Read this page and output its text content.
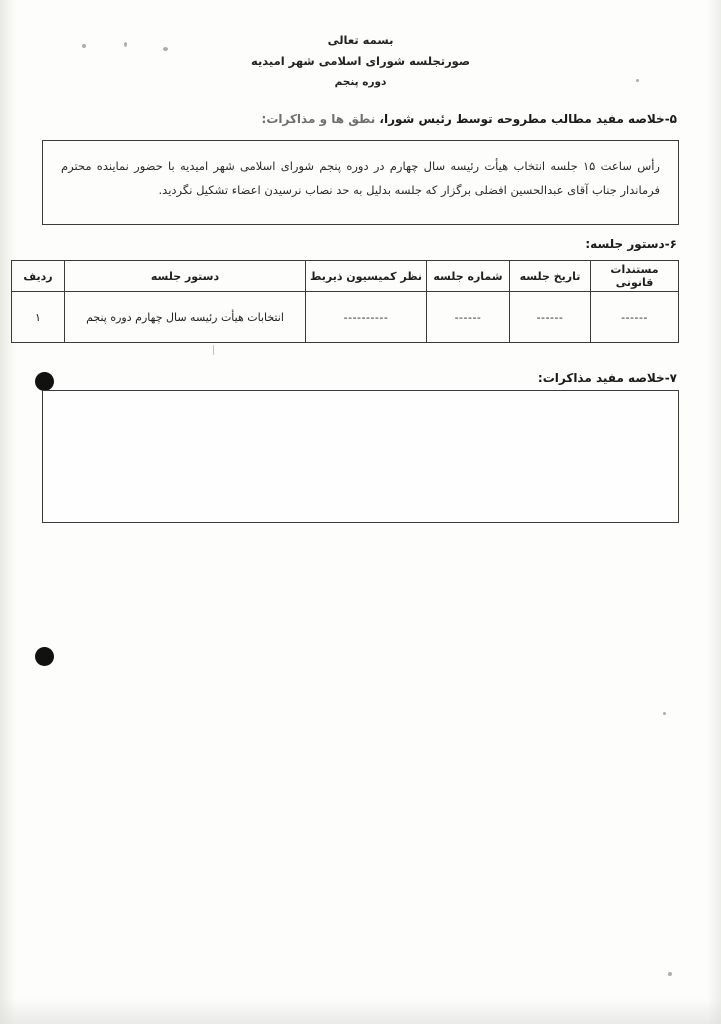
بسمه تعالی
صورتجلسه شورای اسلامی شهر امیدیه
دوره پنجم
۵-خلاصه مفید مطالب مطروحه توسط رئیس شورا، نطق ها و مذاکرات:
رأس ساعت ۱۵ جلسه انتخاب هیأت رئیسه سال چهارم در دوره پنجم شورای اسلامی شهر امیدیه با حضور نماینده محترم فرماندار جناب آقای عبدالحسین افضلی برگزار که جلسه بدلیل به حد نصاب نرسیدن اعضاء تشکیل نگردید.
۶-دستور جلسه:
مستندات قانونی	تاریخ جلسه	شماره جلسه	نظر کمیسیون ذیربط	دستور جلسه	ردیف
------	------	------	----------	انتخابات هیأت رئیسه سال چهارم دوره پنجم	۱
۷-خلاصه مفید مذاکرات:
